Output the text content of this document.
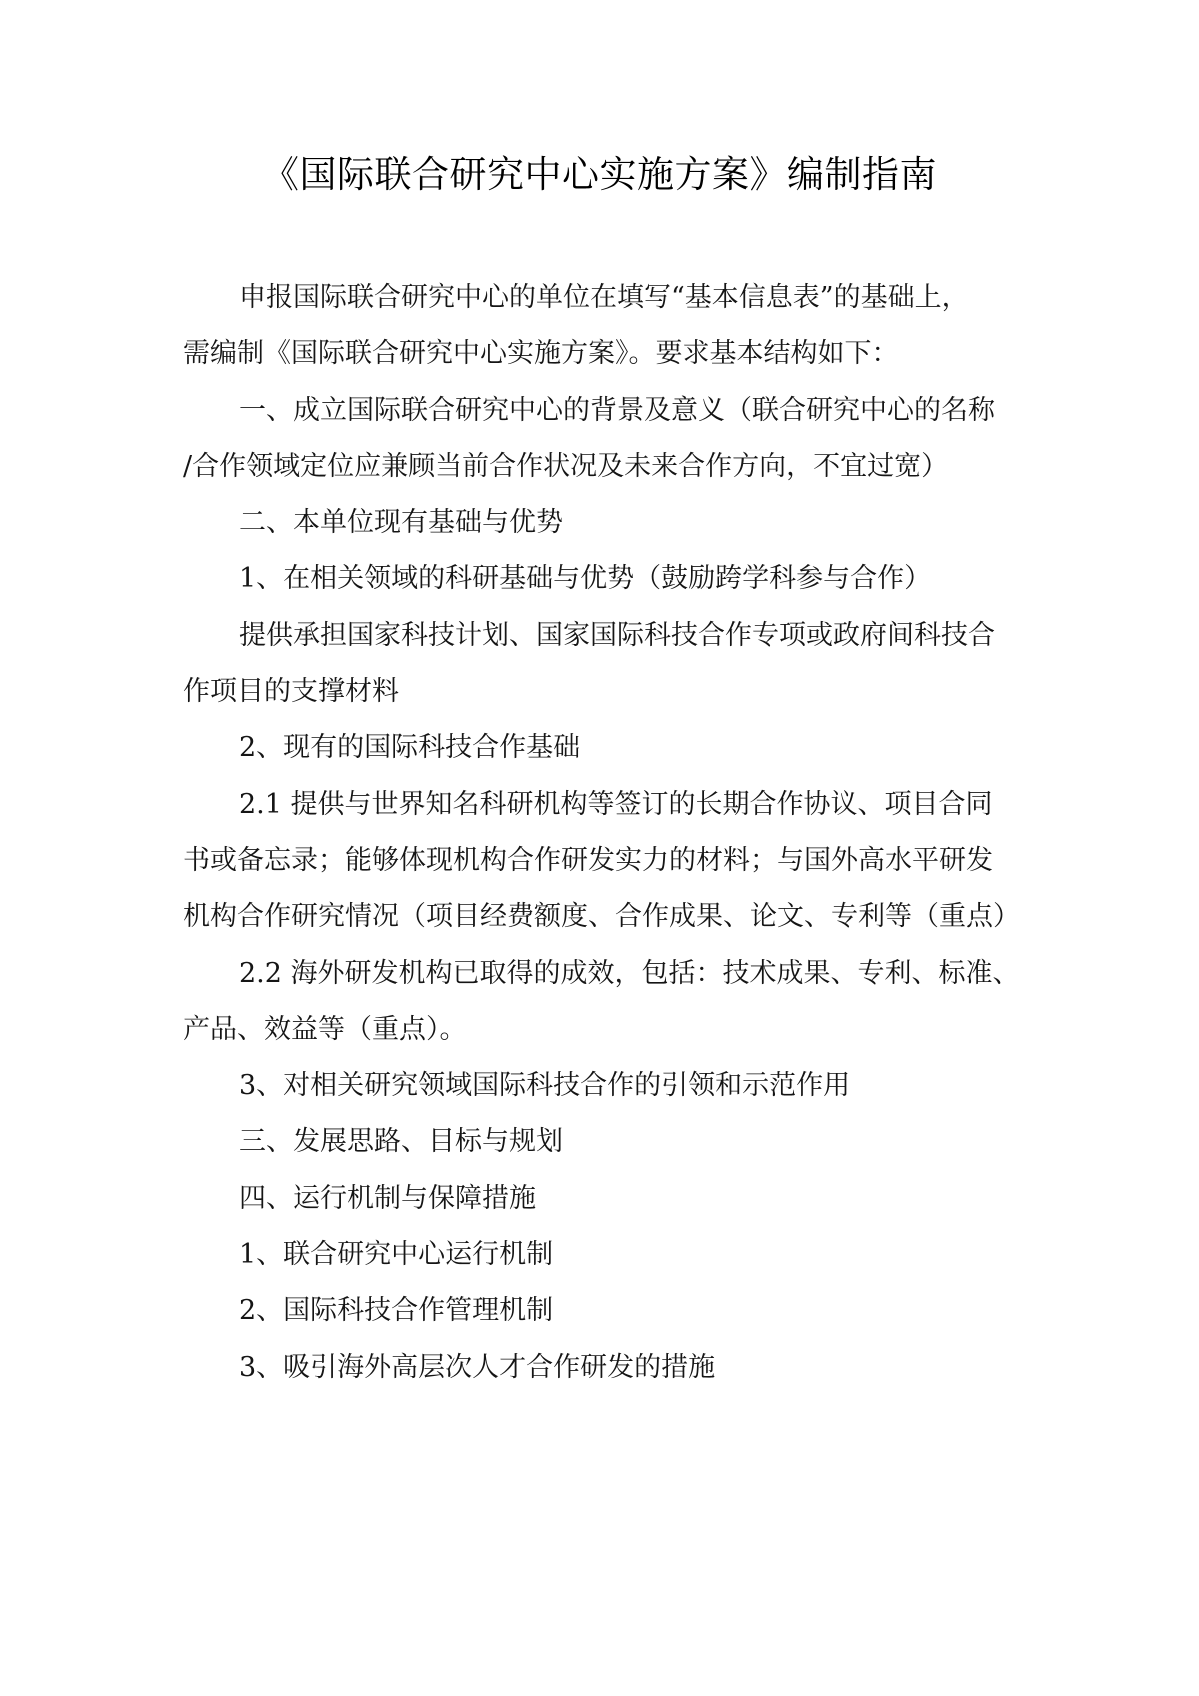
《国际联合研究中心实施方案》编制指南
申报国际联合研究中心的单位在填写“基本信息表”的基础上，
需编制《国际联合研究中心实施方案》。要求基本结构如下：
一、成立国际联合研究中心的背景及意义（联合研究中心的名称
/合作领域定位应兼顾当前合作状况及未来合作方向，不宜过宽）
二、本单位现有基础与优势
1、在相关领域的科研基础与优势（鼓励跨学科参与合作）
提供承担国家科技计划、国家国际科技合作专项或政府间科技合
作项目的支撑材料
2、现有的国际科技合作基础
2.1 提供与世界知名科研机构等签订的长期合作协议、项目合同
书或备忘录；能够体现机构合作研发实力的材料；与国外高水平研发
机构合作研究情况（项目经费额度、合作成果、论文、专利等（重点）
2.2 海外研发机构已取得的成效，包括：技术成果、专利、标准、
产品、效益等（重点）。
3、对相关研究领域国际科技合作的引领和示范作用
三、发展思路、目标与规划
四、运行机制与保障措施
1、联合研究中心运行机制
2、国际科技合作管理机制
3、吸引海外高层次人才合作研发的措施
